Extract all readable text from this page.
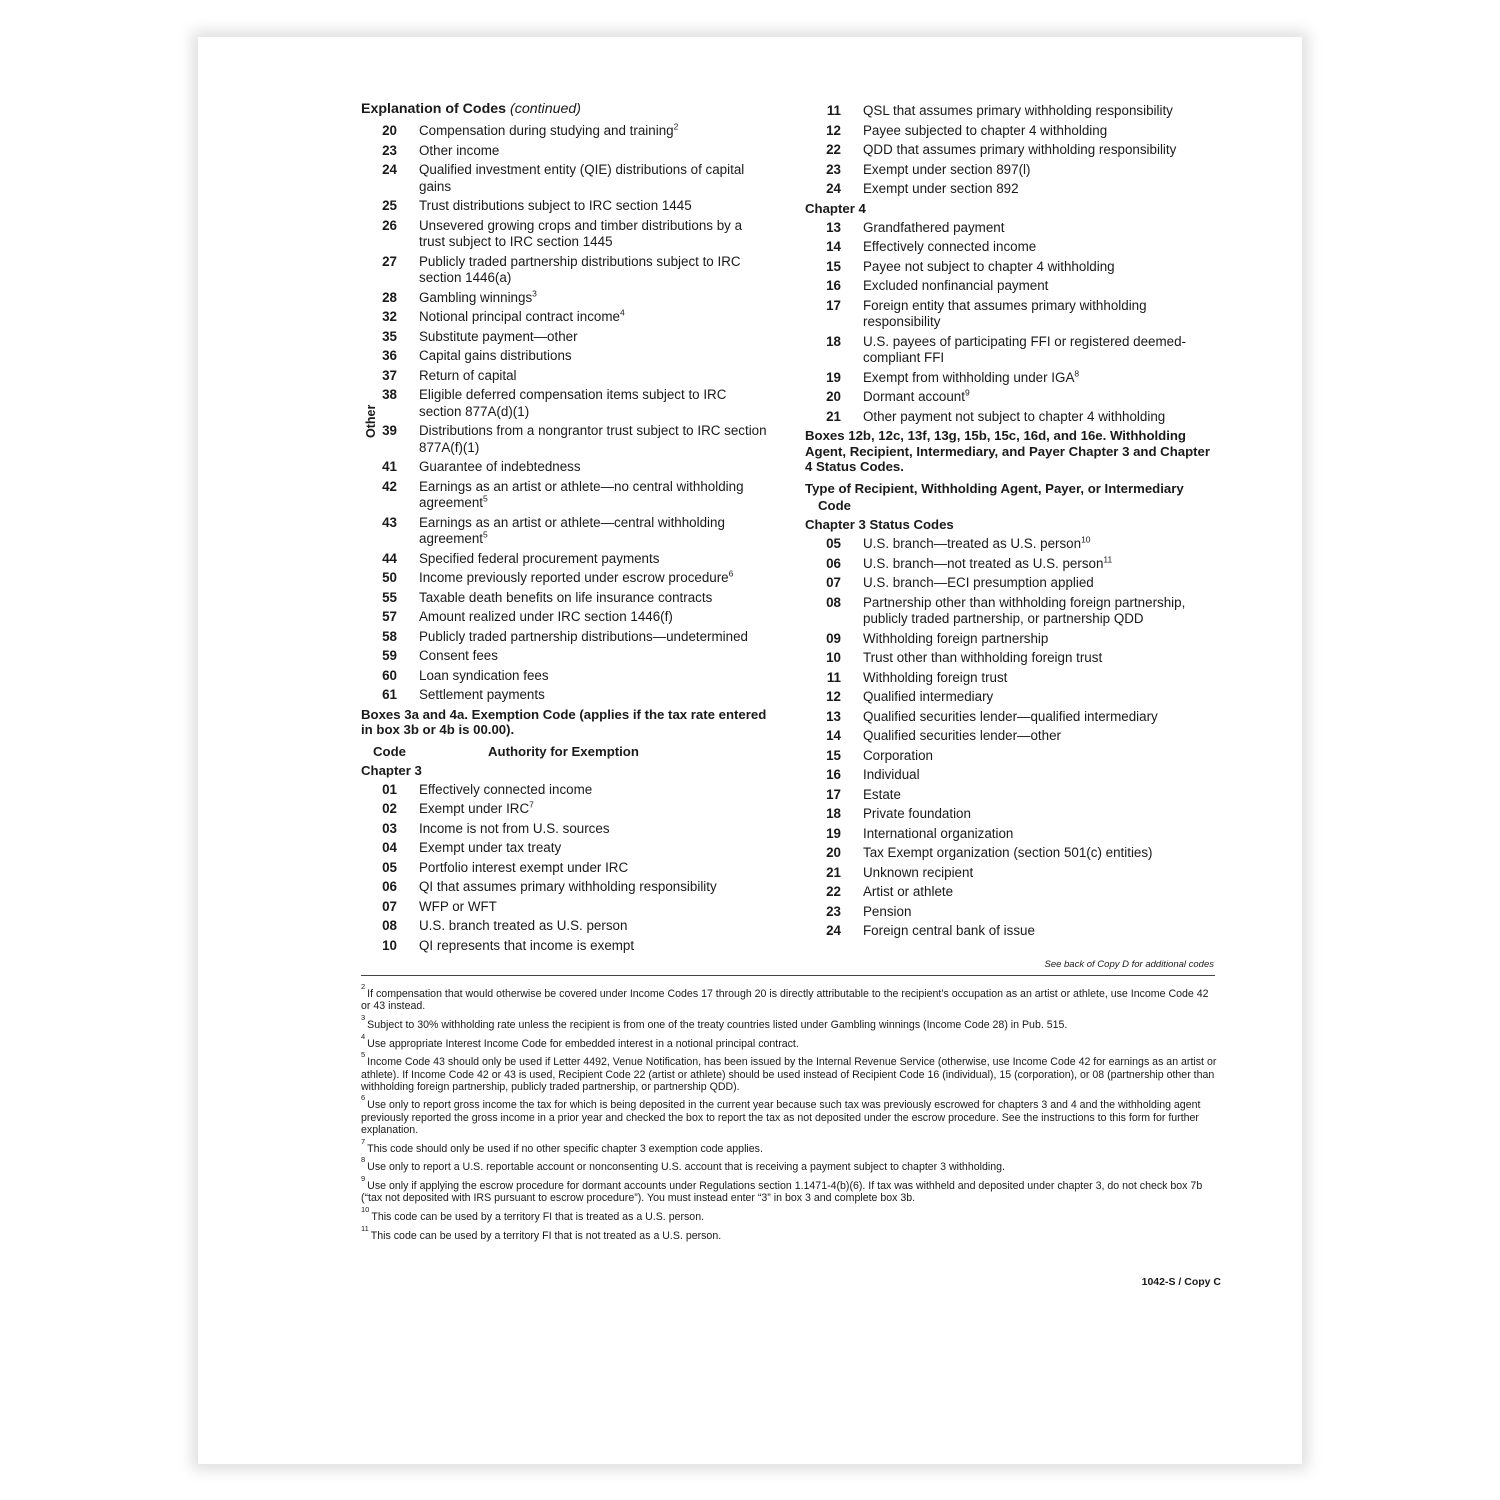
Other
Explanation of Codes (continued)
20 Compensation during studying and training$^2$
23 Other income
24 Qualified investment entity (QIE) distributions of capital gains
25 Trust distributions subject to IRC section 1445
26 Unsevered growing crops and timber distributions by a trust subject to IRC section 1445
27 Publicly traded partnership distributions subject to IRC section 1446(a)
28 Gambling winnings$^3$
32 Notional principal contract income$^4$
35 Substitute payment—other
36 Capital gains distributions
37 Return of capital
38 Eligible deferred compensation items subject to IRC section 877A(d)(1)
39 Distributions from a nongrantor trust subject to IRC section 877A(f)(1)
41 Guarantee of indebtedness
42 Earnings as an artist or athlete—no central withholding agreement$^5$
43 Earnings as an artist or athlete—central withholding agreement$^5$
44 Specified federal procurement payments
50 Income previously reported under escrow procedure$^6$
55 Taxable death benefits on life insurance contracts
57 Amount realized under IRC section 1446(f)
58 Publicly traded partnership distributions—undetermined
59 Consent fees
60 Loan syndication fees
61 Settlement payments
Boxes 3a and 4a. Exemption Code (applies if the tax rate entered in box 3b or 4b is 00.00).
Code	Authority for Exemption
Chapter 3
01 Effectively connected income
02 Exempt under IRC$^7$
03 Income is not from U.S. sources
04 Exempt under tax treaty
05 Portfolio interest exempt under IRC
06 QI that assumes primary withholding responsibility
07 WFP or WFT
08 U.S. branch treated as U.S. person
10 QI represents that income is exempt
11 QSL that assumes primary withholding responsibility
12 Payee subjected to chapter 4 withholding
22 QDD that assumes primary withholding responsibility
23 Exempt under section 897(l)
24 Exempt under section 892
Chapter 4
13 Grandfathered payment
14 Effectively connected income
15 Payee not subject to chapter 4 withholding
16 Excluded nonfinancial payment
17 Foreign entity that assumes primary withholding responsibility
18 U.S. payees of participating FFI or registered deemed-compliant FFI
19 Exempt from withholding under IGA$^8$
20 Dormant account$^9$
21 Other payment not subject to chapter 4 withholding
Boxes 12b, 12c, 13f, 13g, 15b, 15c, 16d, and 16e. Withholding Agent, Recipient, Intermediary, and Payer Chapter 3 and Chapter 4 Status Codes.
Type of Recipient, Withholding Agent, Payer, or Intermediary
Code
Chapter 3 Status Codes
05 U.S. branch—treated as U.S. person$^{10}$
06 U.S. branch—not treated as U.S. person$^{11}$
07 U.S. branch—ECI presumption applied
08 Partnership other than withholding foreign partnership, publicly traded partnership, or partnership QDD
09 Withholding foreign partnership
10 Trust other than withholding foreign trust
11 Withholding foreign trust
12 Qualified intermediary
13 Qualified securities lender—qualified intermediary
14 Qualified securities lender—other
15 Corporation
16 Individual
17 Estate
18 Private foundation
19 International organization
20 Tax Exempt organization (section 501(c) entities)
21 Unknown recipient
22 Artist or athlete
23 Pension
24 Foreign central bank of issue
See back of Copy D for additional codes
$^2$If compensation that would otherwise be covered under Income Codes 17 through 20 is directly attributable to the recipient’s occupation as an artist or athlete, use Income Code 42 or 43 instead.
$^3$Subject to 30% withholding rate unless the recipient is from one of the treaty countries listed under Gambling winnings (Income Code 28) in Pub. 515.
$^4$Use appropriate Interest Income Code for embedded interest in a notional principal contract.
$^5$Income Code 43 should only be used if Letter 4492, Venue Notification, has been issued by the Internal Revenue Service (otherwise, use Income Code 42 for earnings as an artist or athlete). If Income Code 42 or 43 is used, Recipient Code 22 (artist or athlete) should be used instead of Recipient Code 16 (individual), 15 (corporation), or 08 (partnership other than withholding foreign partnership, publicly traded partnership, or partnership QDD).
$^6$Use only to report gross income the tax for which is being deposited in the current year because such tax was previously escrowed for chapters 3 and 4 and the withholding agent previously reported the gross income in a prior year and checked the box to report the tax as not deposited under the escrow procedure. See the instructions to this form for further explanation.
$^7$This code should only be used if no other specific chapter 3 exemption code applies.
$^8$Use only to report a U.S. reportable account or nonconsenting U.S. account that is receiving a payment subject to chapter 3 withholding.
$^9$Use only if applying the escrow procedure for dormant accounts under Regulations section 1.1471-4(b)(6). If tax was withheld and deposited under chapter 3, do not check box 7b (“tax not deposited with IRS pursuant to escrow procedure”). You must instead enter “3” in box 3 and complete box 3b.
$^{10}$This code can be used by a territory FI that is treated as a U.S. person.
$^{11}$This code can be used by a territory FI that is not treated as a U.S. person.
1042-S / Copy C
